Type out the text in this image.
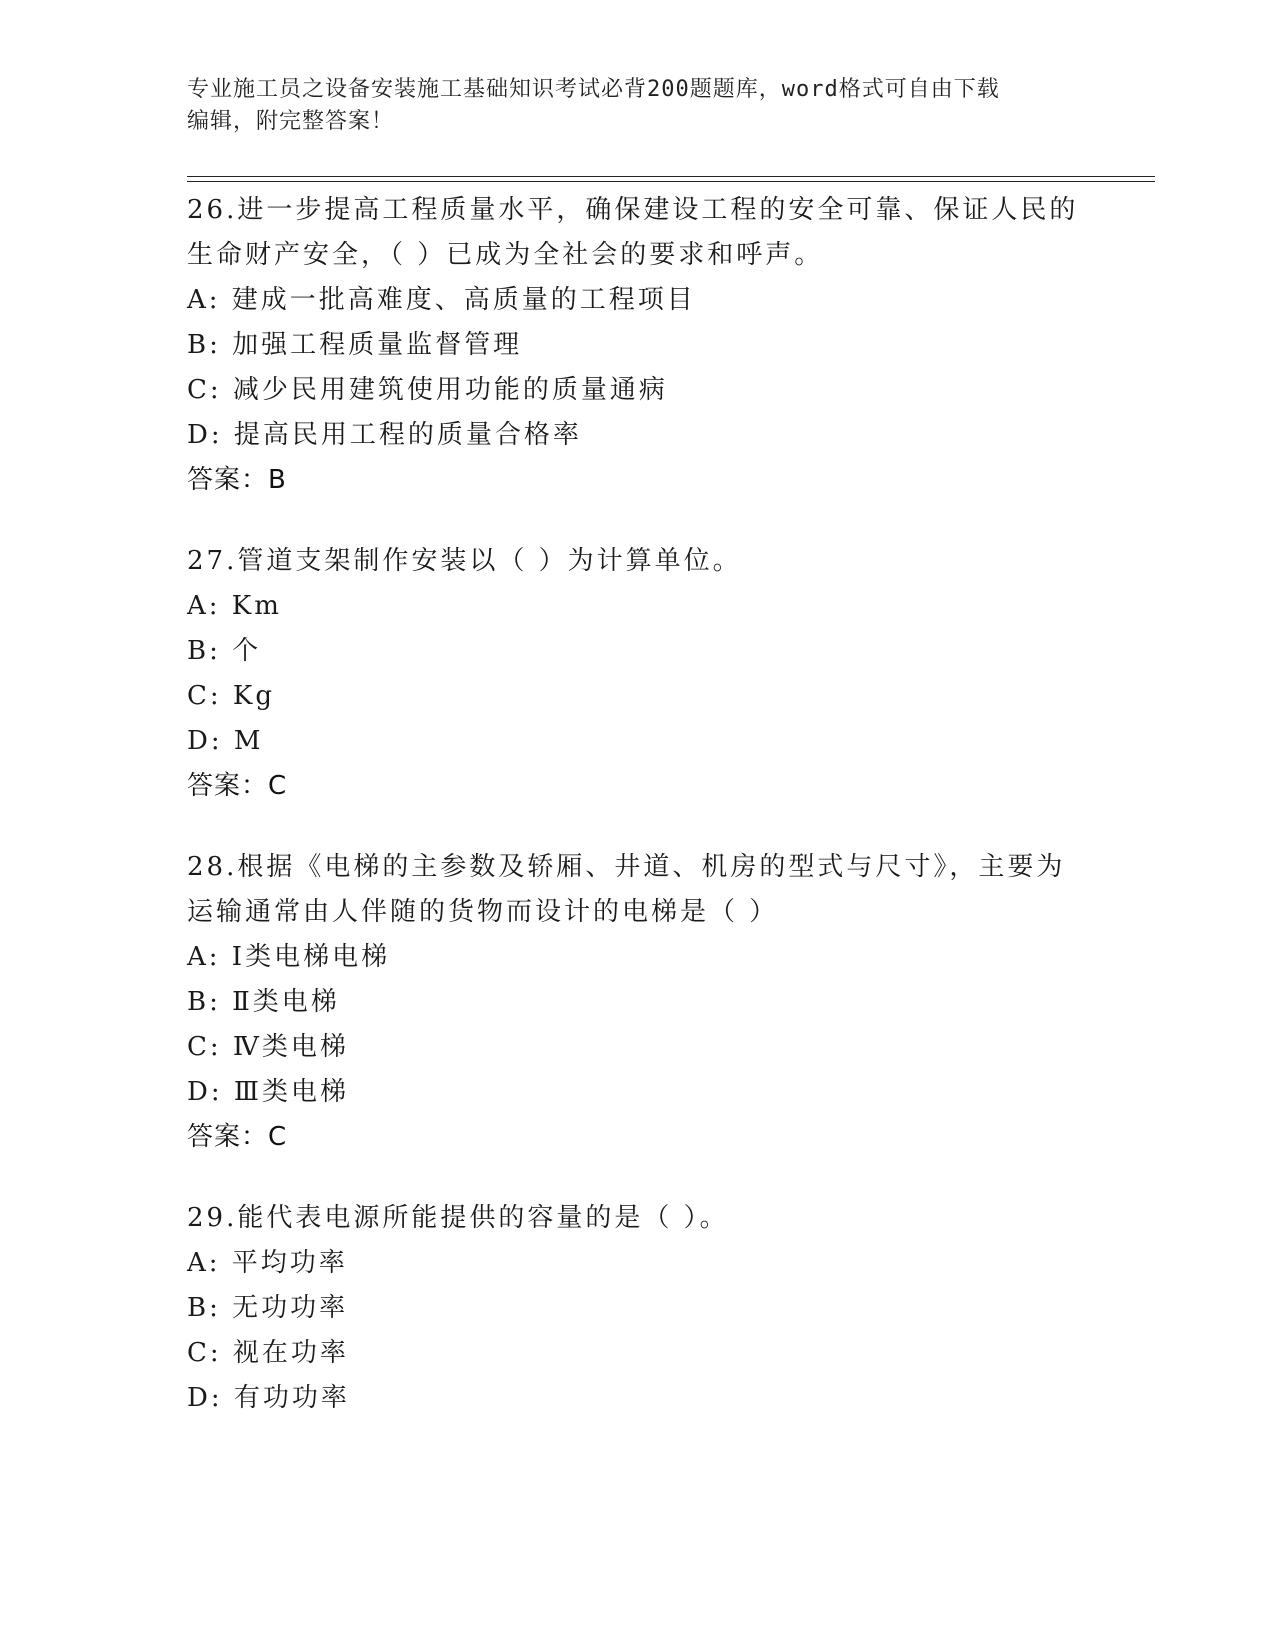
专业施工员之设备安装施工基础知识考试必背200题题库，word格式可自由下载
编辑，附完整答案！
26.进一步提高工程质量水平，确保建设工程的安全可靠、保证人民的
生命财产安全，（ ）已成为全社会的要求和呼声。
A: 建成一批高难度、高质量的工程项目
B: 加强工程质量监督管理
C: 减少民用建筑使用功能的质量通病
D: 提高民用工程的质量合格率
答案：B
27.管道支架制作安装以（ ）为计算单位。
A: Km
B: 个
C: Kg
D: M
答案：C
28.根据《电梯的主参数及轿厢、井道、机房的型式与尺寸》，主要为
运输通常由人伴随的货物而设计的电梯是（ ）
A: Ⅰ类电梯电梯
B: Ⅱ类电梯
C: Ⅳ类电梯
D: Ⅲ类电梯
答案：C
29.能代表电源所能提供的容量的是（ ）。
A: 平均功率
B: 无功功率
C: 视在功率
D: 有功功率
